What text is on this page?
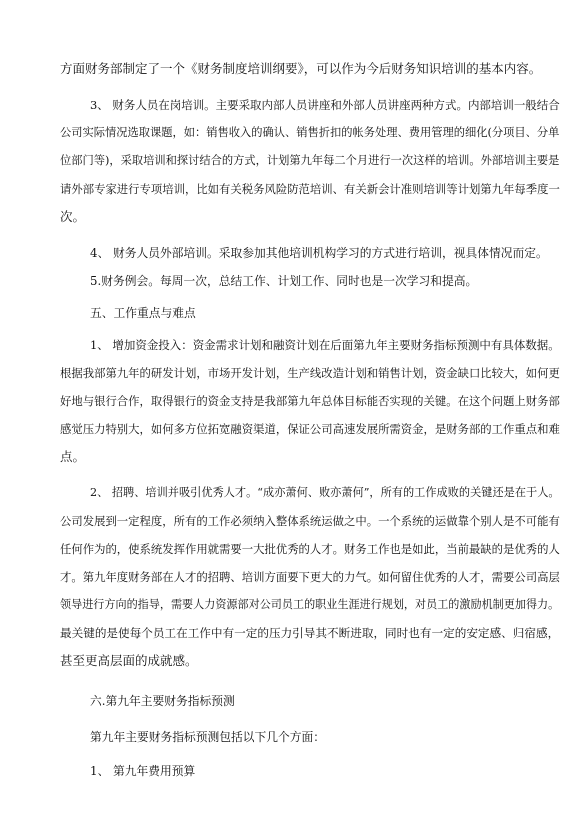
方面财务部制定了一个《财务制度培训纲要》，可以作为今后财务知识培训的基本内容。
3、 财务人员在岗培训。主要采取内部人员讲座和外部人员讲座两种方式。内部培训一般结合
公司实际情况选取课题，如：销售收入的确认、销售折扣的帐务处理、费用管理的细化(分项目、分单
位部门等)，采取培训和探讨结合的方式，计划第九年每二个月进行一次这样的培训。外部培训主要是
请外部专家进行专项培训，比如有关税务风险防范培训、有关新会计准则培训等计划第九年每季度一
次。
4、 财务人员外部培训。采取参加其他培训机构学习的方式进行培训，视具体情况而定。
5.财务例会。每周一次，总结工作、计划工作、同时也是一次学习和提高。
五、工作重点与难点
1、 增加资金投入：资金需求计划和融资计划在后面第九年主要财务指标预测中有具体数据。
根据我部第九年的研发计划，市场开发计划，生产线改造计划和销售计划，资金缺口比较大，如何更
好地与银行合作，取得银行的资金支持是我部第九年总体目标能否实现的关键。在这个问题上财务部
感觉压力特别大，如何多方位拓宽融资渠道，保证公司高速发展所需资金，是财务部的工作重点和难
点。
2、 招聘、培训并吸引优秀人才。“成亦萧何、败亦萧何”，所有的工作成败的关键还是在于人。
公司发展到一定程度，所有的工作必须纳入整体系统运做之中。一个系统的运做靠个别人是不可能有
任何作为的，使系统发挥作用就需要一大批优秀的人才。财务工作也是如此，当前最缺的是优秀的人
才。第九年度财务部在人才的招聘、培训方面要下更大的力气。如何留住优秀的人才，需要公司高层
领导进行方向的指导，需要人力资源部对公司员工的职业生涯进行规划，对员工的激励机制更加得力。
最关键的是使每个员工在工作中有一定的压力引导其不断进取，同时也有一定的安定感、归宿感，
甚至更高层面的成就感。
六.第九年主要财务指标预测
第九年主要财务指标预测包括以下几个方面：
1、 第九年费用预算
